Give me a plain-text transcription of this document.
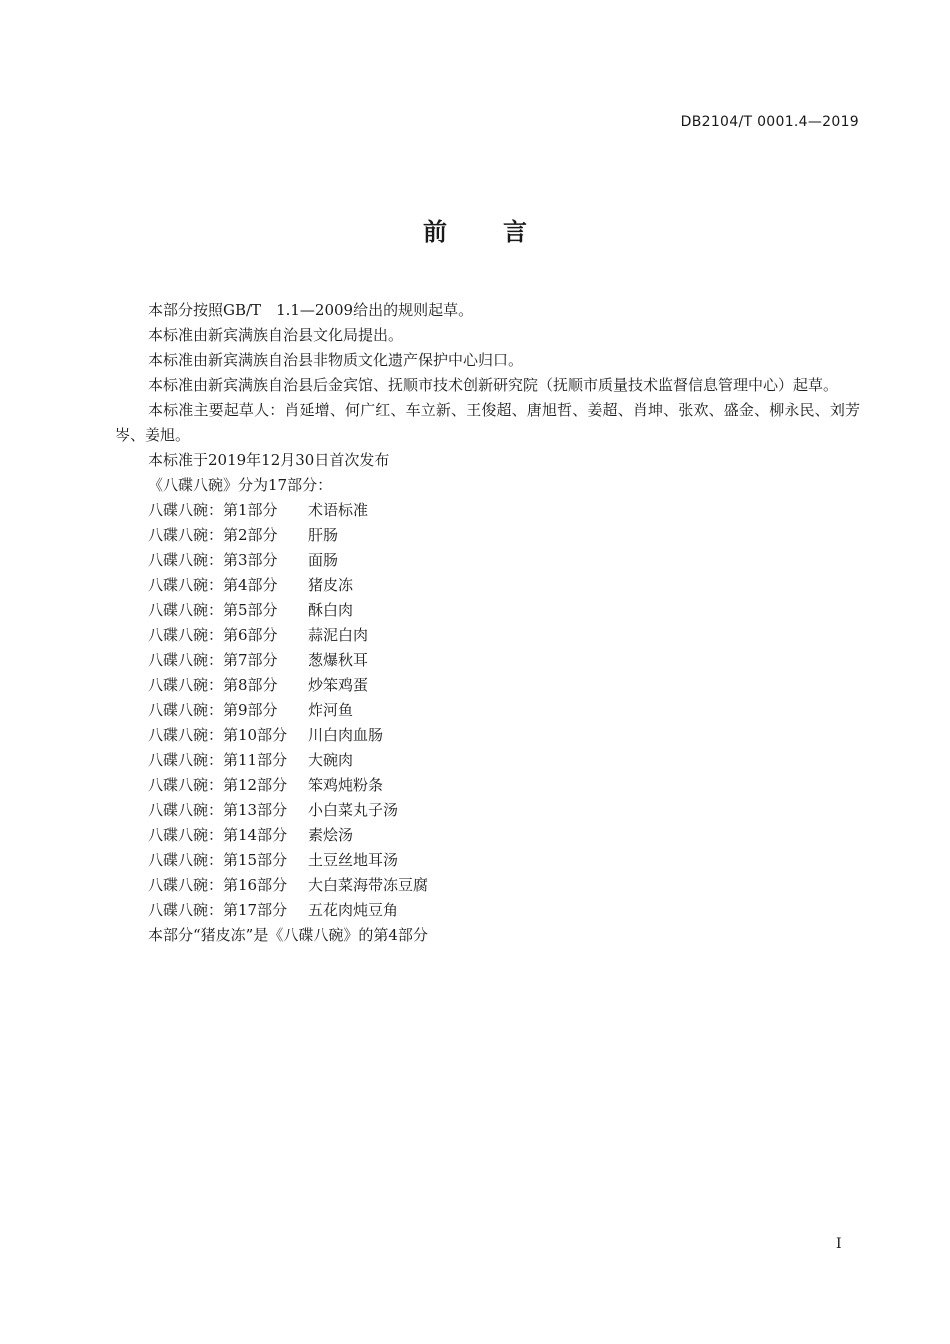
DB2104/T 0001.4—2019
前言

本部分按照GB/T　1.1—2009给出的规则起草。

本标准由新宾满族自治县文化局提出。

本标准由新宾满族自治县非物质文化遗产保护中心归口。

本标准由新宾满族自治县后金宾馆、抚顺市技术创新研究院（抚顺市质量技术监督信息管理中心）起草。

本标准主要起草人：肖延增、何广红、车立新、王俊超、唐旭哲、姜超、肖坤、张欢、盛金、柳永民、刘芳岑、姜旭。

本标准于2019年12月30日首次发布

《八碟八碗》分为17部分：

八碟八碗：第1部分 术语标准

八碟八碗：第2部分 肝肠

八碟八碗：第3部分 面肠

八碟八碗：第4部分 猪皮冻

八碟八碗：第5部分 酥白肉

八碟八碗：第6部分 蒜泥白肉

八碟八碗：第7部分 葱爆秋耳

八碟八碗：第8部分 炒笨鸡蛋

八碟八碗：第9部分 炸河鱼

八碟八碗：第10部分 川白肉血肠

八碟八碗：第11部分 大碗肉

八碟八碗：第12部分 笨鸡炖粉条

八碟八碗：第13部分 小白菜丸子汤

八碟八碗：第14部分 素烩汤

八碟八碗：第15部分 土豆丝地耳汤

八碟八碗：第16部分 大白菜海带冻豆腐

八碟八碗：第17部分 五花肉炖豆角

本部分“猪皮冻”是《八碟八碗》的第4部分

I
